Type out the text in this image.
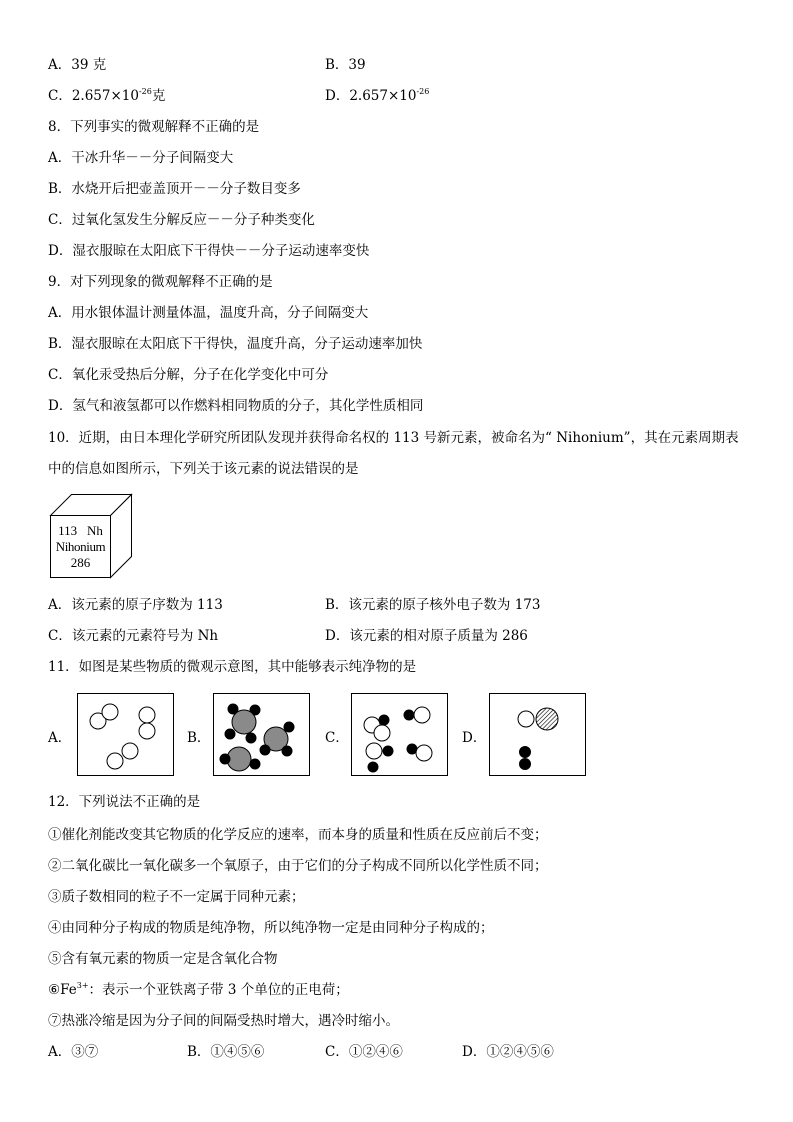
A．39 克	B．39
C．$2.657\times 10^{-26}$克	D．$2.657\times 10^{-26}$
8．下列事实的微观解释不正确的是
A．干冰升华－－分子间隔变大
B．水烧开后把壶盖顶开－－分子数目变多
C．过氧化氢发生分解反应－－分子种类变化
D．湿衣服晾在太阳底下干得快－－分子运动速率变快
9．对下列现象的微观解释不正确的是
A．用水银体温计测量体温，温度升高，分子间隔变大
B．湿衣服晾在太阳底下干得快，温度升高，分子运动速率加快
C．氧化汞受热后分解，分子在化学变化中可分
D．氢气和液氢都可以作燃料相同物质的分子，其化学性质相同
10．近期，由日本理化学研究所团队发现并获得命名权的 113 号新元素，被命名为“ Nihonium”，其在元素周期表
中的信息如图所示，下列关于该元素的说法错误的是
113 Nh
Nihonium
286
A．该元素的原子序数为 113	B．该元素的原子核外电子数为 173
C．该元素的元素符号为 Nh	D．该元素的相对原子质量为 286
11．如图是某些物质的微观示意图，其中能够表示纯净物的是
A．	B．	C．	D．
12．下列说法不正确的是
①催化剂能改变其它物质的化学反应的速率，而本身的质量和性质在反应前后不变；
②二氧化碳比一氧化碳多一个氧原子，由于它们的分子构成不同所以化学性质不同；
③质子数相同的粒子不一定属于同种元素；
④由同种分子构成的物质是纯净物，所以纯净物一定是由同种分子构成的；
⑤含有氧元素的物质一定是含氧化合物
$⑥Fe^{3+}$：表示一个亚铁离子带 3 个单位的正电荷；
⑦热涨冷缩是因为分子间的间隔受热时增大，遇冷时缩小。
A．③⑦	B．①④⑤⑥	C．①②④⑥	D．①②④⑤⑥
